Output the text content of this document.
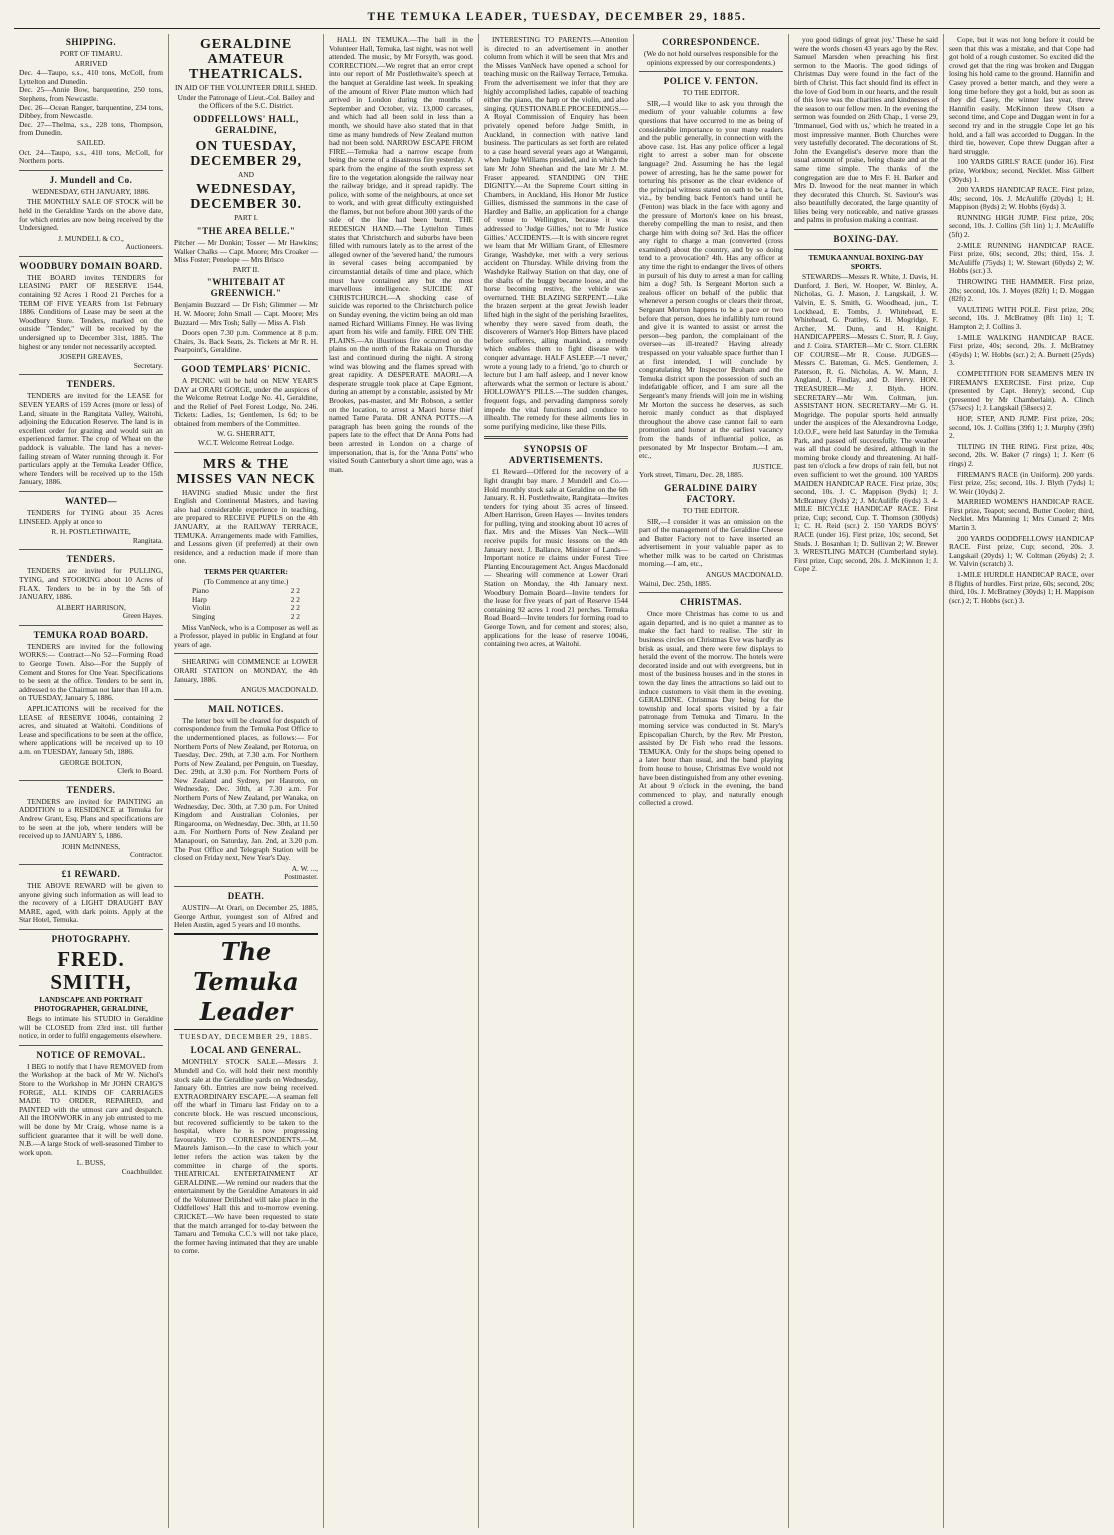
THE TEMUKA LEADER, TUESDAY, DECEMBER 29, 1885.
SHIPPING.
PORT OF TIMARU.
ARRIVED
Dec. 4—Taupo, s.s., 410 tons, McColl, from Lyttelton and Dunedin.
Dec. 25—Annie Bow, barquentine, 250 tons, Stephens, from Newcastle.
Dec. 26—Ocean Ranger, barquentine, 234 tons, Dibbey, from Newcastle.
Dec. 27—Thelma, s.s., 228 tons, Thompson, from Dunedin.
SAILED.
Oct. 24—Taupo, s.s., 410 tons, McColl, for Northern ports.
J. Mundell and Co.
WEDNESDAY, 6TH JANUARY, 1886.
THE MONTHLY SALE OF STOCK will be held in the Geraldine Yards on the above date, for which entries are now being received by the Undersigned.
J. MUNDELL & CO.,
Auctioneers.
WOODBURY DOMAIN BOARD.
THE BOARD invites TENDERS for LEASING PART OF RESERVE 1544, containing 92 Acres 1 Rood 21 Perches for a TERM OF FIVE YEARS from 1st February 1886. Conditions of Lease may be seen at the Woodbury Store. Tenders, marked on the outside "Tender," will be received by the undersigned up to December 31st, 1885. The highest or any tender not necessarily accepted.
JOSEPH GREAVES,
Secretary.
TENDERS.
TENDERS are invited for the LEASE for SEVEN YEARS of 159 Acres (more or less) of Land, situate in the Rangitata Valley, Waitohi, adjoining the Education Reserve. The land is in excellent order for grazing and would suit an experienced farmer. The crop of Wheat on the paddock is valuable. The land has a never-failing stream of Water running through it. For particulars apply at the Temuka Leader Office, where Tenders will be received up to the 15th January, 1886.
WANTED—
TENDERS for TYING about 35 Acres LINSEED. Apply at once to
R. H. POSTLETHWAITE,
Rangitata.
TENDERS.
TENDERS are invited for PULLING, TYING, and STOOKING about 10 Acres of FLAX. Tenders to be in by the 5th of JANUARY, 1886.
ALBERT HARRISON,
Green Hayes.
TEMUKA ROAD BOARD.
TENDERS are invited for the following WORKS:— Contract—No 52—Forming Road to George Town. Also—For the Supply of Cement and Stores for One Year. Specifications to be seen at the office. Tenders to be sent in, addressed to the Chairman not later than 10 a.m. on TUESDAY, January 5, 1886.
APPLICATIONS will be received for the LEASE of RESERVE 10046, containing 2 acres, and situated at Waitohi. Conditions of Lease and specifications to be seen at the office, where applications will be received up to 10 a.m. on TUESDAY, January 5th, 1886.
GEORGE BOLTON,
Clerk to Board.
TENDERS.
TENDERS are invited for PAINTING an ADDITION to a RESIDENCE at Temuka for Andrew Grant, Esq. Plans and specifications are to be seen at the job, where tenders will be received up to JANUARY 5, 1886.
JOHN McINNESS,
Contractor.
£1 REWARD.
THE ABOVE REWARD will be given to anyone giving such information as will lead to the recovery of a LIGHT DRAUGHT BAY MARE, aged, with dark points. Apply at the Star Hotel, Temuka.
PHOTOGRAPHY.
FRED. SMITH,
LANDSCAPE AND PORTRAIT PHOTOGRAPHER, GERALDINE,
Begs to intimate his STUDIO in Geraldine will be CLOSED from 23rd inst. till further notice, in order to fulfil engagements elsewhere.
NOTICE OF REMOVAL.
I BEG to notify that I have REMOVED from the Workshop at the back of Mr W. Nichol's Store to the Workshop in Mr JOHN CRAIG'S FORGE, ALL KINDS OF CARRIAGES MADE TO ORDER, REPAIRED, and PAINTED with the utmost care and despatch. All the IRONWORK in any job entrusted to me will be done by Mr Craig, whose name is a sufficient guarantee that it will be well done. N.B.—A large Stock of well-seasoned Timber to work upon.
L. BUSS,
Coachbuilder.
GERALDINE AMATEUR THEATRICALS.
IN AID OF THE VOLUNTEER DRILL SHED.
Under the Patronage of Lieut.-Col. Bailey and the Officers of the S.C. District.
ODDFELLOWS' HALL, GERALDINE,
ON TUESDAY, DECEMBER 29,
AND
WEDNESDAY, DECEMBER 30.
PART I.
"THE AREA BELLE."
Pitcher — Mr Donkin; Tosser — Mr Hawkins; Walker Chalks — Capt. Moore; Mrs Croaker — Miss Foster; Penelope — Mrs Brisco
PART II.
"WHITEBAIT AT GREENWICH."
Benjamin Buzzard — Dr Fish; Glimmer — Mr H. W. Moore; John Small — Capt. Moore; Mrs Buzzard — Mrs Tosh; Sally — Miss A. Fish
Doors open 7.30 p.m. Commence at 8 p.m. Chairs, 3s. Back Seats, 2s. Tickets at Mr R. H. Pearpoint's, Geraldine.
GOOD TEMPLARS' PICNIC.
A PICNIC will be held on NEW YEAR'S DAY at ORARI GORGE, under the auspices of the Welcome Retreat Lodge No. 41, Geraldine, and the Relief of Peel Forest Lodge, No. 246. Tickets: Ladies, 1s; Gentlemen, 1s 6d; to be obtained from members of the Committee.
W. G. SHERRATT,
W.C.T. Welcome Retreat Lodge.
MRS & THE MISSES VAN NECK
HAVING studied Music under the first English and Continental Masters, and having also had considerable experience in teaching, are prepared to RECEIVE PUPILS on the 4th JANUARY, at the RAILWAY TERRACE, TEMUKA. Arrangements made with Families, and Lessons given (if preferred) at their own residence, and a reduction made if more than one.
TERMS PER QUARTER:
(To Commence at any time.)
Piano	2 2
Harp	2 2
Violin	2 2
Singing	2 2
Miss VanNeck, who is a Composer as well as a Professor, played in public in England at four years of age.
SHEARING will COMMENCE at LOWER ORARI STATION on MONDAY, the 4th January, 1886.
ANGUS MACDONALD.
MAIL NOTICES.
The letter box will be cleared for despatch of correspondence from the Temuka Post Office to the undermentioned places, as follows:— For Northern Ports of New Zealand, per Rotorua, on Tuesday, Dec. 29th, at 7.30 a.m. For Northern Ports of New Zealand, per Penguin, on Tuesday, Dec. 29th, at 3.30 p.m. For Northern Ports of New Zealand and Sydney, per Hauroto, on Wednesday, Dec. 30th, at 7.30 a.m. For Northern Ports of New Zealand, per Wanaka, on Wednesday, Dec. 30th, at 7.30 p.m. For United Kingdom and Australian Colonies, per Ringarooma, on Wednesday, Dec. 30th, at 11.50 a.m. For Northern Ports of New Zealand per Manapouri, on Saturday, Jan. 2nd, at 3.20 p.m. The Post Office and Telegraph Station will be closed on Friday next, New Year's Day.
A. W. ...,
Postmaster.
DEATH.
AUSTIN—At Orari, on December 25, 1885, George Arthur, youngest son of Alfred and Helen Austin, aged 5 years and 10 months.
The Temuka Leader
TUESDAY, DECEMBER 29, 1885.
LOCAL AND GENERAL.
MONTHLY STOCK SALE.—Messrs J. Mundell and Co. will hold their next monthly stock sale at the Geraldine yards on Wednesday, January 6th. Entries are now being received. EXTRAORDINARY ESCAPE.—A seaman fell off the wharf in Timaru last Friday on to a concrete block. He was rescued unconscious, but recovered sufficiently to be taken to the hospital, where he is now progressing favourably. TO CORRESPONDENTS.—M. Maurels Jamison.—In the case to which your letter refers the action was taken by the committee in charge of the sports. THEATRICAL ENTERTAINMENT AT GERALDINE.—We remind our readers that the entertainment by the Geraldine Amateurs in aid of the Volunteer Drillshed will take place in the Oddfellows' Hall this and to-morrow evening. CRICKET.—We have been requested to state that the match arranged for to-day between the Tamaru and Temuka C.C.'s will not take place, the former having intimated that they are unable to come.
HALL IN TEMUKA.—The ball in the Volunteer Hall, Temuka, last night, was not well attended. The music, by Mr Forsyth, was good. CORRECTION.—We regret that an error crept into our report of Mr Postlethwaite's speech at the banquet at Geraldine last week. In speaking of the amount of River Plate mutton which had arrived in London during the months of September and October, viz. 13,000 carcases, and which had all been sold in less than a month, we should have also stated that in that time as many hundreds of New Zealand mutton had not been sold. NARROW ESCAPE FROM FIRE.—Temuka had a narrow escape from being the scene of a disastrous fire yesterday. A spark from the engine of the south express set fire to the vegetation alongside the railway near the railway bridge, and it spread rapidly. The police, with some of the neighbours, at once set to work, and with great difficulty extinguished the flames, but not before about 300 yards of the side of the line had been burnt. THE REDESIGN HAND.—The Lyttelton Times states that 'Christchurch and suburbs have been filled with rumours lately as to the arrest of the alleged owner of the 'severed hand,' the rumours in several cases being accompanied by circumstantial details of time and place, which must have contained any but the most marvellous intelligence. SUICIDE AT CHRISTCHURCH.—A shocking case of suicide was reported to the Christchurch police on Sunday evening, the victim being an old man named Richard Williams Finney. He was living apart from his wife and family. FIRE ON THE PLAINS.—An illustrious fire occurred on the plains on the north of the Rakaia on Thursday last and continued during the night. A strong wind was blowing and the flames spread with great rapidity. A DESPERATE MAORI.—A desperate struggle took place at Cape Egmont, during an attempt by a constable, assisted by Mr Brookes, pas-master, and Mr Robson, a settler on the location, to arrest a Maori horse thief named Tame Parata. DR ANNA POTTS.—A paragraph has been going the rounds of the papers late to the effect that Dr Anna Potts had been arrested in London on a charge of impersonation, that is, for the 'Anna Potts' who visited South Canterbury a short time ago, was a man.
INTERESTING TO PARENTS.—Attention is directed to an advertisement in another column from which it will be seen that Mrs and the Misses VanNeck have opened a school for teaching music on the Railway Terrace, Temuka. From the advertisement we infer that they are highly accomplished ladies, capable of teaching either the piano, the harp or the violin, and also singing. QUESTIONABLE PROCEEDINGS.—A Royal Commission of Enquiry has been privately opened before Judge Smith, in Auckland, in connection with native land business. The particulars as set forth are related to a case heard several years ago at Wanganui, when Judge Williams presided, and in which the late Mr John Sheehan and the late Mr J. M. Fraser appeared. STANDING ON THE DIGNITY.—At the Supreme Court sitting in Chambers, in Auckland, His Honor Mr Justice Gillies, dismissed the summons in the case of Hardley and Ballie, an application for a change of venue to Wellington, because it was addressed to 'Judge Gillies,' not to 'Mr Justice Gillies.' ACCIDENTS.—It is with sincere regret we learn that Mr William Grant, of Ellesmere Grange, Washdyke, met with a very serious accident on Thursday. While driving from the Washdyke Railway Station on that day, one of the shafts of the buggy became loose, and the horse becoming restive, the vehicle was overturned. THE BLAZING SERPENT.—Like the brazen serpent at the great Jewish leader lifted high in the sight of the perishing Israelites, whereby they were saved from death, the discoverers of Warner's Hop Bitters have placed before sufferers, ailing mankind, a remedy which enables them to fight disease with conquer advantage. HALF ASLEEP.—'I never,' wrote a young lady to a friend, 'go to church or lecture but I am half asleep, and I never know afterwards what the sermon or lecture is about.' HOLLOWAY'S PILLS.—The sudden changes, frequent fogs, and pervading dampness sorely impede the vital functions and conduce to illhealth. The remedy for these ailments lies in some purifying medicine, like these Pills.
SYNOPSIS OF ADVERTISEMENTS.
£1 Reward—Offered for the recovery of a light draught bay mare. J Mundell and Co.—Hold monthly stock sale at Geraldine on the 6th January. R. H. Postlethwaite, Rangitata—Invites tenders for tying about 35 acres of linseed. Albert Harrison, Green Hayes — Invites tenders for pulling, tying and stooking about 10 acres of flax. Mrs and the Misses Van Neck—Will receive pupils for music lessons on the 4th January next. J. Ballance, Minister of Lands—Important notice re claims under Forest Tree Planting Encouragement Act. Angus Macdonald — Shearing will commence at Lower Orari Station on Monday, the 4th January next. Woodbury Domain Board—Invite tenders for the lease for five years of part of Reserve 1544 containing 92 acres 1 rood 21 perches. Temuka Road Board—Invite tenders for forming road to George Town, and for cement and stores; also, applications for the lease of reserve 10046, containing two acres, at Waitohi.
CORRESPONDENCE.
(We do not hold ourselves responsible for the opinions expressed by our correspondents.)
POLICE V. FENTON.
TO THE EDITOR.
SIR,—I would like to ask you through the medium of your valuable columns a few questions that have occurred to me as being of considerable importance to your many readers and the public generally, in connection with the above case. 1st. Has any police officer a legal right to arrest a sober man for obscene language? 2nd. Assuming he has the legal power of arresting, has he the same power for torturing his prisoner as the clear evidence of the principal witness stated on oath to be a fact, viz., by bending back Fenton's hand until he (Fenton) was black in the face with agony and the pressure of Morton's knee on his breast, thereby compelling the man to resist, and then charge him with doing so? 3rd. Has the officer any right to charge a man (converted (cross examined) about the country, and by so doing tend to a provocation? 4th. Has any officer at any time the right to endanger the lives of others in pursuit of his duty to arrest a man for calling him a dog? 5th. Is Sergeant Morton such a zealous officer on behalf of the public that whenever a person coughs or clears their throat, Sergeant Morton happens to be a pace or two before that person, does he infallibly turn round and give it is wanted to assist or arrest the person—beg pardon, the complainant of the oversee—as ill-treated? Having already trespassed on your valuable space further than I at first intended, I will conclude by congratulating Mr Inspector Broham and the Temuka district upon the possession of such an indefatigable officer, and I am sure all the Sergeant's many friends will join me in wishing Mr Morton the success he deserves, as such heroic manly conduct as that displayed throughout the above case cannot fail to earn promotion and honor at the earliest vacancy from the hands of influential police, as personated by Mr Inspector Broham.—I am, etc.,
JUSTICE.
York street, Timaru, Dec. 28, 1885.
GERALDINE DAIRY FACTORY.
TO THE EDITOR.
SIR,—I consider it was an omission on the part of the management of the Geraldine Cheese and Butter Factory not to have inserted an advertisement in your valuable paper as to whether milk was to be carted on Christmas morning.—I am, etc.,
ANGUS MACDONALD.
Waitui, Dec. 25th, 1885.
CHRISTMAS.
Once more Christmas has come to us and again departed, and is no quiet a manner as to make the fact hard to realise. The stir in business circles on Christmas Eve was hardly as brisk as usual, and there were few displays to herald the event of the morrow. The hotels were decorated inside and out with evergreens, but in most of the business houses and in the stores in town the day lines the attractions so laid out to induce customers to visit them in the evening. GERALDINE. Christmas Day being for the township and local sports visited by a fair patronage from Temuka and Timaru. In the morning service was conducted in St. Mary's Episcopalian Church, by the Rev. Mr Preston, assisted by Dr Fish who read the lessons. TEMUKA. Only for the shops being opened to a later hour than usual, and the band playing from house to house, Christmas Eve would not have been distinguished from any other evening. At about 9 o'clock in the evening, the band commenced to play, and naturally enough collected a crowd.
you good tidings of great joy.' These he said were the words chosen 43 years ago by the Rev. Samuel Marsden when preaching his first sermon to the Maoris. The good tidings of Christmas Day were found in the fact of the birth of Christ. This fact should find its effect in the love of God born in our hearts, and the result of this love was the charities and kindnesses of the season to our fellow men. In the evening the sermon was founded on 26th Chap., 1 verse 29, 'Immanuel, God with us,' which he treated in a most impressive manner. Both Churches were very tastefully decorated. The decorations of St. John the Evangelist's deserve more than the usual amount of praise, being chaste and at the same time simple. The thanks of the congregation are due to Mrs F. H. Barker and Mrs D. Inwood for the neat manner in which they decorated this Church. St. Saviour's was also beautifully decorated, the large quantity of lilies being very noticeable, and native grasses and palms in profusion making a contrast.
BOXING-DAY.
TEMUKA ANNUAL BOXING-DAY SPORTS.
STEWARDS—Messrs R. White, J. Davis, H. Dunford, J. Beri, W. Hooper, W. Binley, A. Nicholas, G. J. Mason, J. Langskail, J. W. Valvin, E. S. Smith, G. Woodhead, jun., T. Lockhead, E. Tombs, J. Whitehead, E. Whitehead, G. Prattley, G. H. Mogridge, F. Archer, M. Dunn, and H. Knight. HANDICAPPERS—Messrs C. Storr, R. J. Guy, and J. Coira. STARTER—Mr C. Storr. CLERK OF COURSE—Mr R. Couse. JUDGES—Messrs C. Bateman, G. McS. Gentlemen, J. Paterson, R. G. Nicholas, A. W. Mann, J. Angland, J. Findlay, and D. Hervy. HON. TREASURER—Mr J. Blyth. HON. SECRETARY—Mr Wm. Coltman, jun. ASSISTANT HON. SECRETARY—Mr G. H. Mogridge. The popular sports held annually under the auspices of the Alexandrovna Lodge, I.O.O.F., were held last Saturday in the Temuka Park, and passed off successfully. The weather was all that could be desired, although in the morning broke cloudy and threatening. At half-past ten o'clock a few drops of rain fell, but not even sufficient to wet the ground. 100 YARDS MAIDEN HANDICAP RACE. First prize, 30s; second, 10s. J. C. Mappison (9yds) 1; J. McBratney (3yds) 2; J. McAuliffe (6yds) 3. 4-MILE BICYCLE HANDICAP RACE. First prize, Cup; second, Cup. T. Thomson (300yds) 1; C. H. Reid (scr.) 2. 150 YARDS BOYS' RACE (under 16). First prize, 10s; second, Set Studs. J. Bosanhan 1; D. Sullivan 2; W. Brewer 3. WRESTLING MATCH (Cumberland style). First prize, Cup; second, 20s. J. McKinnon 1; J. Cope 2.
Cope, but it was not long before it could be seen that this was a mistake, and that Cope had got hold of a rough customer. So excited did the crowd get that the ring was broken and Duggan losing his hold came to the ground. Hannifin and Casey proved a better match, and they were a long time before they got a hold, but as soon as they did Casey, the winner last year, threw Hannifin easily. McKinnon threw Olsen a second time, and Cope and Duggan went in for a second try and in the struggle Cope let go his hold, and a fall was accorded to Duggan. In the third tie, however, Cope threw Duggan after a hard struggle.
100 YARDS GIRLS' RACE (under 16). First prize, Workbox; second, Necklet. Miss Gilbert (30yds) 1.
200 YARDS HANDICAP RACE. First prize, 40s; second, 10s. J. McAuliffe (20yds) 1; H. Mappison (8yds) 2; W. Hobbs (6yds) 3.
RUNNING HIGH JUMP. First prize, 20s; second, 10s. J. Collins (5ft 1in) 1; J. McAuliffe (5ft) 2.
2-MILE RUNNING HANDICAP RACE. First prize, 60s; second, 20s; third, 15s. J. McAuliffe (75yds) 1; W. Stewart (60yds) 2; W. Hobbs (scr.) 3.
THROWING THE HAMMER. First prize, 20s; second, 10s. J. Moyes (82ft) 1; D. Moggan (82ft) 2.
VAULTING WITH POLE. First prize, 20s; second, 10s. J. McBratney (8ft 1in) 1; T. Hampton 2; J. Collins 3.
1-MILE WALKING HANDICAP RACE. First prize, 40s; second, 20s. J. McBratney (45yds) 1; W. Hobbs (scr.) 2; A. Burnett (25yds) 3.
COMPETITION FOR SEAMEN'S MEN IN FIREMAN'S EXERCISE. First prize, Cup (presented by Capt. Henry); second, Cup (presented by Mr Chamberlain). A. Clinch (57secs) 1; J. Langskail (58secs) 2.
HOP, STEP, AND JUMP. First prize, 20s; second, 10s. J. Collins (39ft) 1; J. Murphy (39ft) 2.
TILTING IN THE RING. First prize, 40s; second, 20s. W. Baker (7 rings) 1; J. Kerr (6 rings) 2.
FIREMAN'S RACE (in Uniform). 200 yards. First prize, 25s; second, 10s. J. Blyth (7yds) 1; W. Weir (10yds) 2.
MARRIED WOMEN'S HANDICAP RACE. First prize, Teapot; second, Butter Cooler; third, Necklet. Mrs Manning 1; Mrs Cunard 2; Mrs Martin 3.
200 YARDS OODDFELLOWS' HANDICAP RACE. First prize, Cup; second, 20s. J. Langskail (20yds) 1; W. Coltman (26yds) 2; J. W. Valvin (scratch) 3.
1-MILE HURDLE HANDICAP RACE, over 8 flights of hurdles. First prize, 60s; second, 20s; third, 10s. J. McBratney (30yds) 1; H. Mappison (scr.) 2; T. Hobbs (scr.) 3.
